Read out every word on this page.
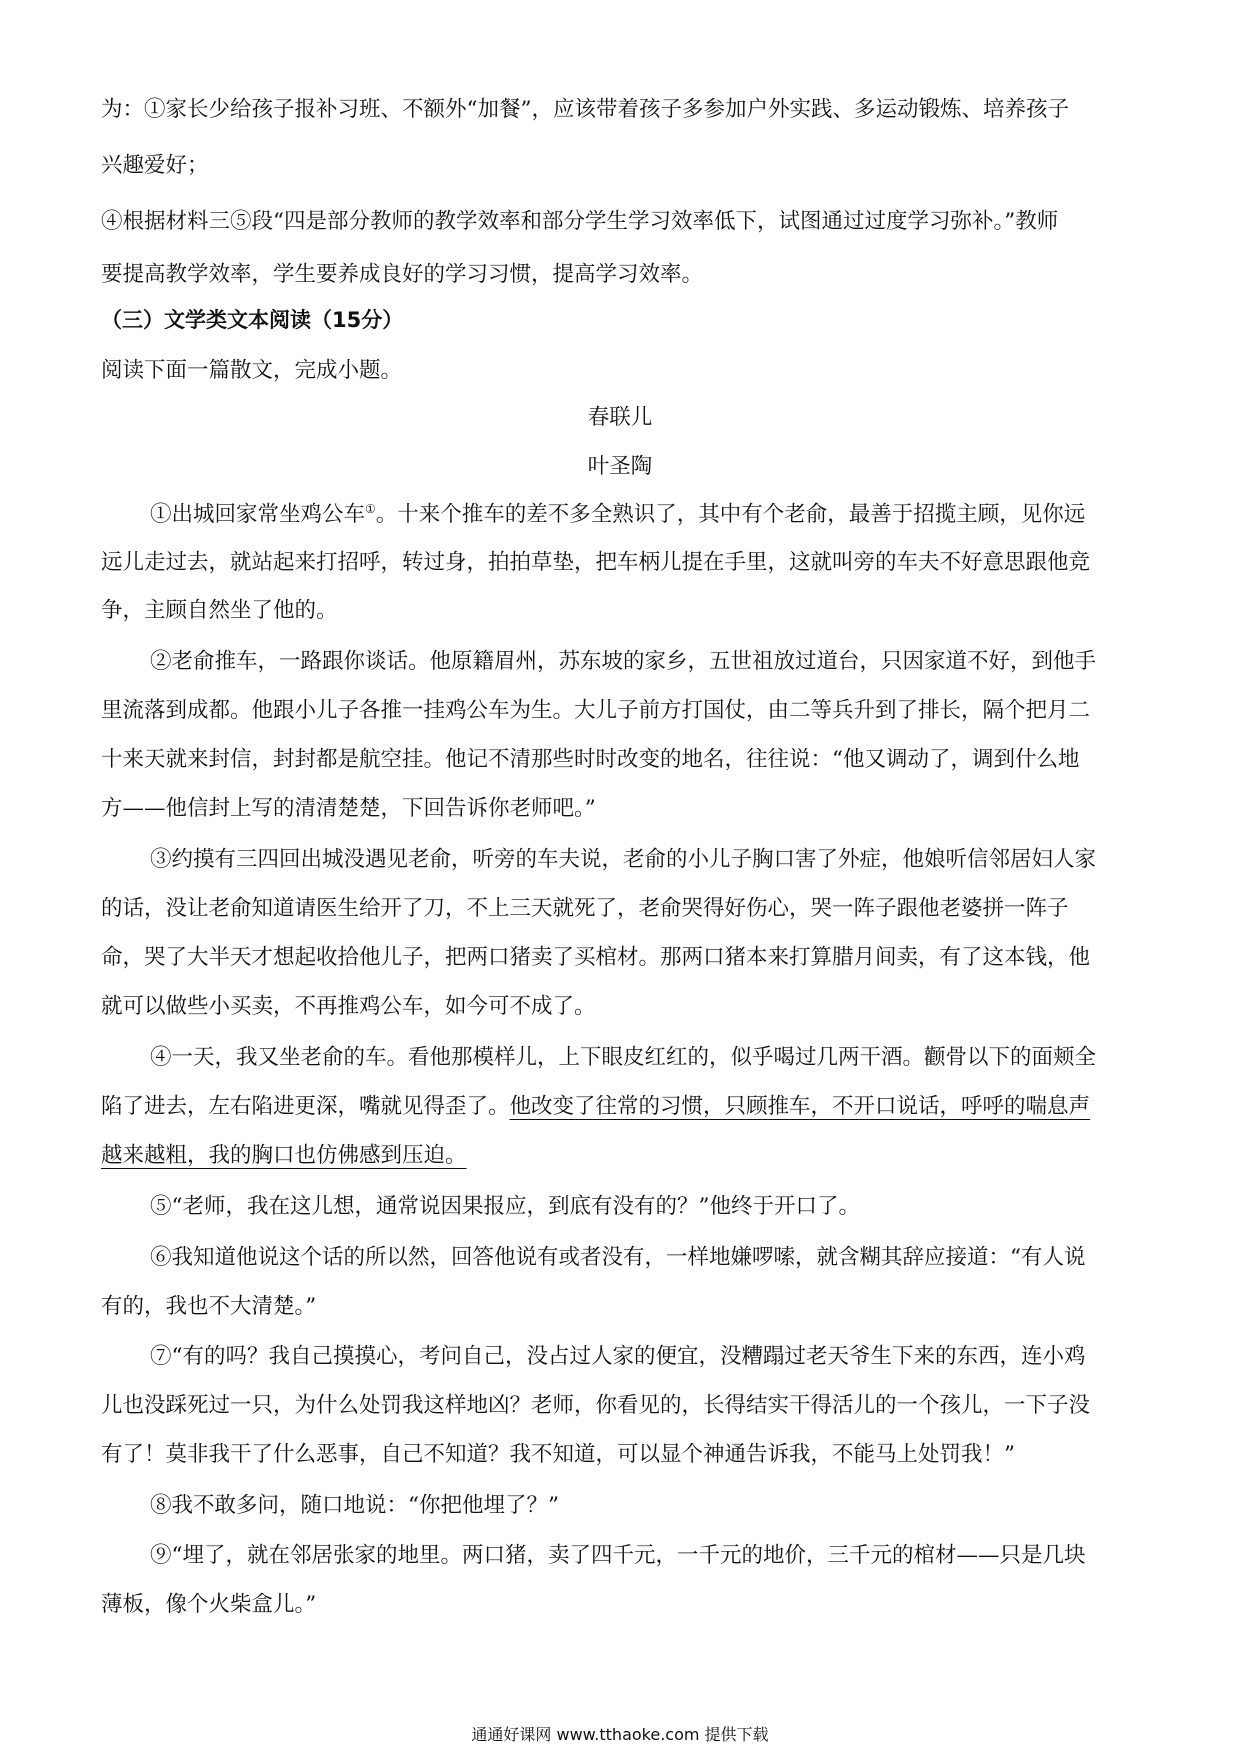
为：①家长少给孩子报补习班、不额外“加餐”，应该带着孩子多参加户外实践、多运动锻炼、培养孩子
兴趣爱好；
④根据材料三⑤段“四是部分教师的教学效率和部分学生学习效率低下，试图通过过度学习弥补。”教师
要提高教学效率，学生要养成良好的学习习惯，提高学习效率。
（三）文学类文本阅读（15分）
阅读下面一篇散文，完成小题。
春联儿
叶圣陶
①出城回家常坐鸡公车①。十来个推车的差不多全熟识了，其中有个老俞，最善于招揽主顾，见你远
远儿走过去，就站起来打招呼，转过身，拍拍草垫，把车柄儿提在手里，这就叫旁的车夫不好意思跟他竞
争，主顾自然坐了他的。
②老俞推车，一路跟你谈话。他原籍眉州，苏东坡的家乡，五世祖放过道台，只因家道不好，到他手
里流落到成都。他跟小儿子各推一挂鸡公车为生。大儿子前方打国仗，由二等兵升到了排长，隔个把月二
十来天就来封信，封封都是航空挂。他记不清那些时时改变的地名，往往说：“他又调动了，调到什么地
方——他信封上写的清清楚楚，下回告诉你老师吧。”
③约摸有三四回出城没遇见老俞，听旁的车夫说，老俞的小儿子胸口害了外症，他娘听信邻居妇人家
的话，没让老俞知道请医生给开了刀，不上三天就死了，老俞哭得好伤心，哭一阵子跟他老婆拼一阵子
命，哭了大半天才想起收拾他儿子，把两口猪卖了买棺材。那两口猪本来打算腊月间卖，有了这本钱，他
就可以做些小买卖，不再推鸡公车，如今可不成了。
④一天，我又坐老俞的车。看他那模样儿，上下眼皮红红的，似乎喝过几两干酒。颧骨以下的面颊全
陷了进去，左右陷进更深，嘴就见得歪了。他改变了往常的习惯，只顾推车，不开口说话，呼呼的喘息声
越来越粗，我的胸口也仿佛感到压迫。
⑤“老师，我在这儿想，通常说因果报应，到底有没有的？”他终于开口了。
⑥我知道他说这个话的所以然，回答他说有或者没有，一样地嫌啰嗦，就含糊其辞应接道：“有人说
有的，我也不大清楚。”
⑦“有的吗？我自己摸摸心，考问自己，没占过人家的便宜，没糟蹋过老天爷生下来的东西，连小鸡
儿也没踩死过一只，为什么处罚我这样地凶？老师，你看见的，长得结实干得活儿的一个孩儿，一下子没
有了！莫非我干了什么恶事，自己不知道？我不知道，可以显个神通告诉我，不能马上处罚我！”
⑧我不敢多问，随口地说：“你把他埋了？”
⑨“埋了，就在邻居张家的地里。两口猪，卖了四千元，一千元的地价，三千元的棺材——只是几块
薄板，像个火柴盒儿。”
通通好课网 www.tthaoke.com 提供下载
